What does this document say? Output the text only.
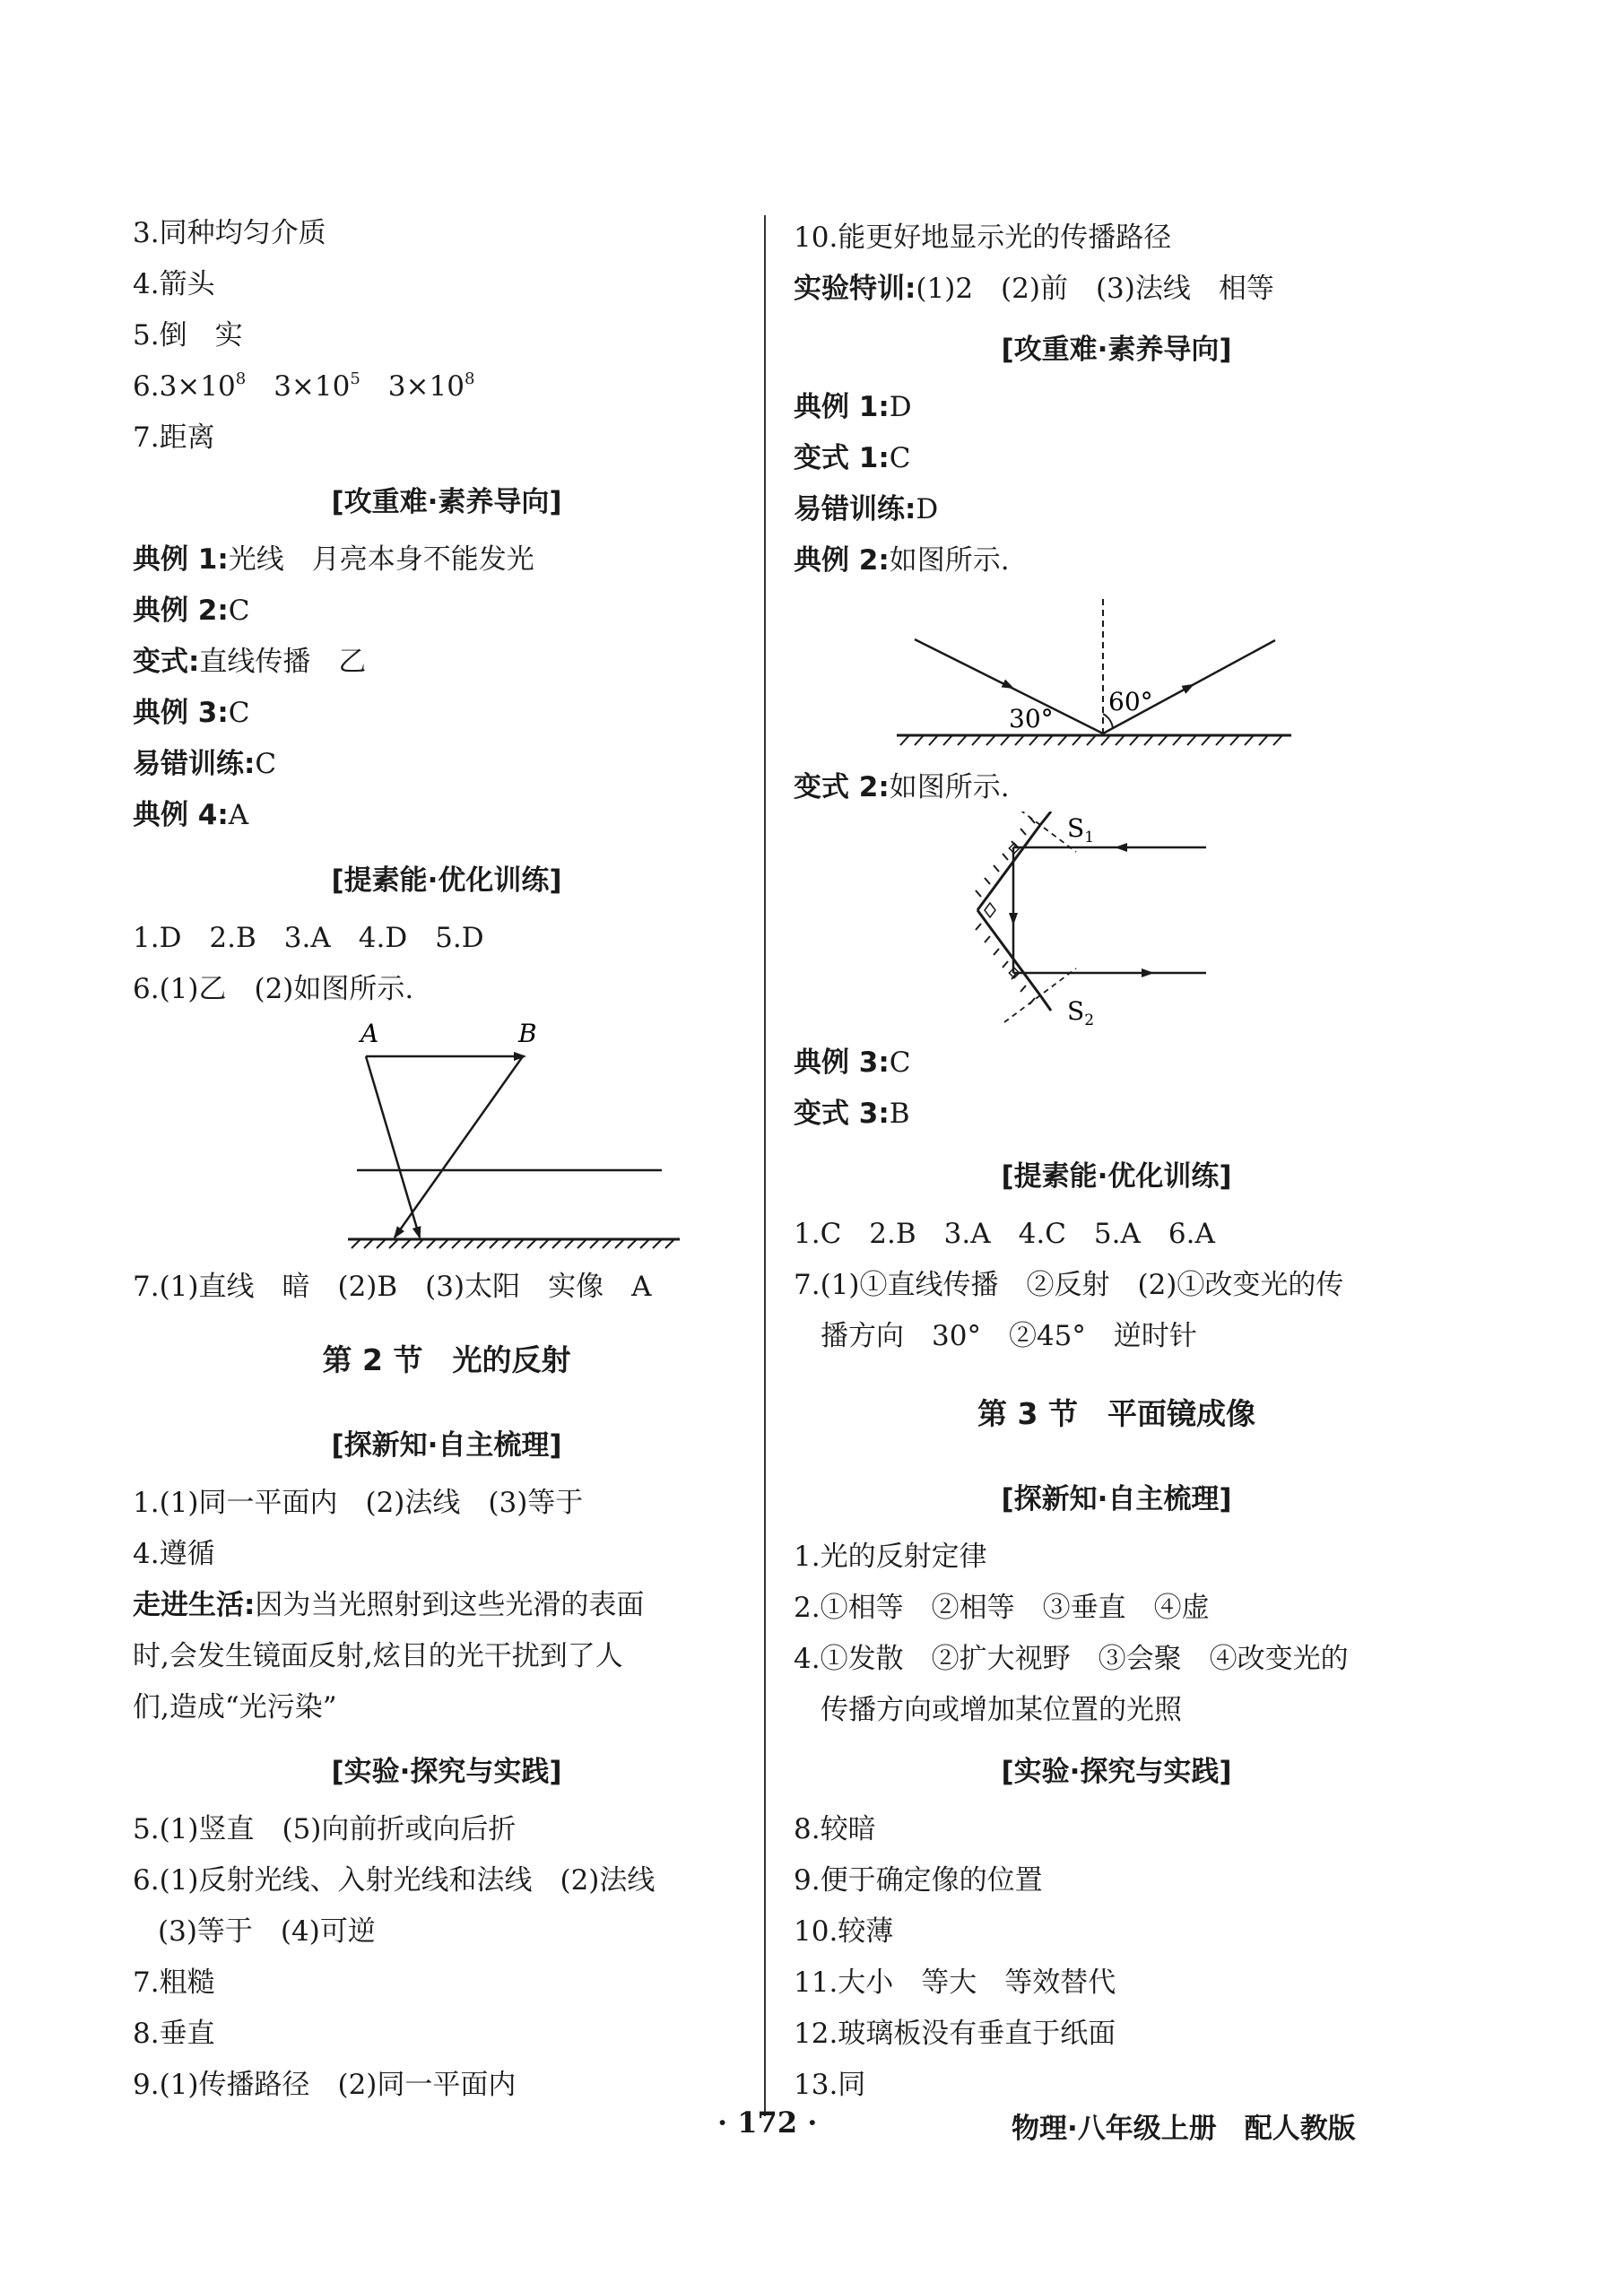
3.同种均匀介质
4.箭头
5.倒　实
$6.3\times 10^8$　 $3\times 10^5$　 $3\times 10^8$
7.距离
[攻重难·素养导向]
典例 1:光线　月亮本身不能发光
典例 2:C
变式:直线传播　乙
典例 3:C
易错训练:C
典例 4:A
[提素能·优化训练]
1.D　2.B　3.A　4.D　5.D
6.(1)乙　(2)如图所示.
A	B
7.(1)直线　暗　(2)B　(3)太阳　实像　A
第 2 节　光的反射
[探新知·自主梳理]
1.(1)同一平面内　(2)法线　(3)等于
4.遵循
走进生活:因为当光照射到这些光滑的表面
时,会发生镜面反射,炫目的光干扰到了人
们,造成“光污染”
[实验·探究与实践]
5.(1)竖直　(5)向前折或向后折
6.(1)反射光线、入射光线和法线　(2)法线
(3)等于　(4)可逆
7.粗糙
8.垂直
9.(1)传播路径　(2)同一平面内
10.能更好地显示光的传播路径
实验特训:(1)2　(2)前　(3)法线　相等
[攻重难·素养导向]
典例 1:D
变式 1:C
易错训练:D
典例 2:如图所示.
60°
30°
变式 2:如图所示.
$S_1$
$S_2$
典例 3:C
变式 3:B
[提素能·优化训练]
1.C　2.B　3.A　4.C　5.A　6.A
7.(1)①直线传播　②反射　(2)①改变光的传
播方向　30°　②45°　逆时针
第 3 节　平面镜成像
[探新知·自主梳理]
1.光的反射定律
2.①相等　②相等　③垂直　④虚
4.①发散　②扩大视野　③会聚　④改变光的
传播方向或增加某位置的光照
[实验·探究与实践]
8.较暗
9.便于确定像的位置
10.较薄
11.大小　等大　等效替代
12.玻璃板没有垂直于纸面
13.同
· 172 ·	物理·八年级上册　配人教版
